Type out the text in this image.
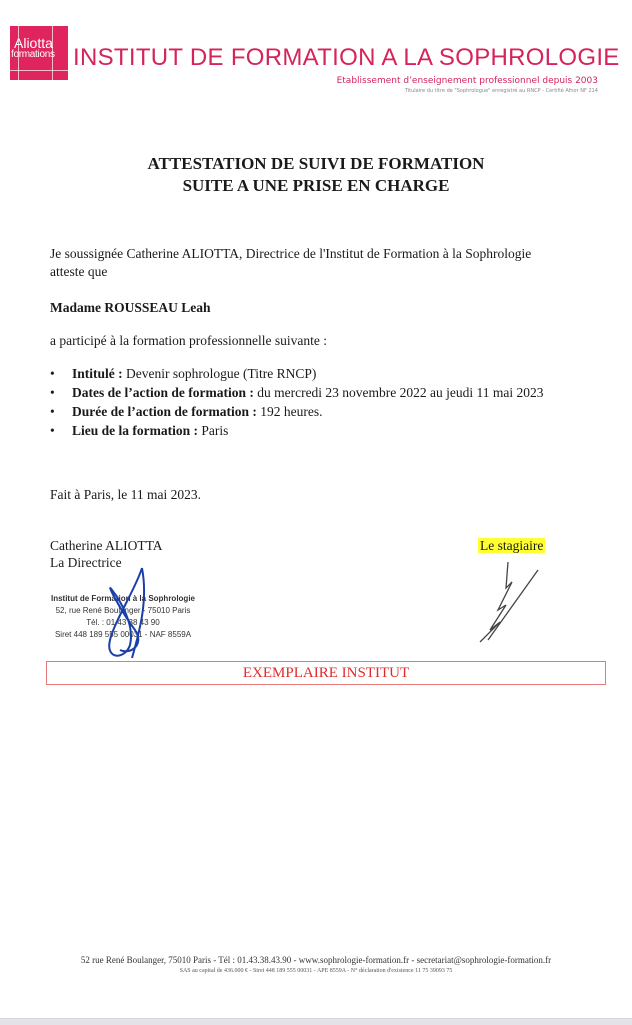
Aliotta
formations INSTITUT DE FORMATION A LA SOPHROLOGIE
Etablissement d’enseignement professionnel depuis 2003
Titulaire du titre de "Sophrologue" enregistré au RNCP - Certifié Afnor NF 214
ATTESTATION DE SUIVI DE FORMATION
SUITE A UNE PRISE EN CHARGE
Je soussignée Catherine ALIOTTA, Directrice de l'Institut de Formation à la Sophrologie
atteste que
Madame ROUSSEAU Leah
a participé à la formation professionnelle suivante :
• Intitulé : Devenir sophrologue (Titre RNCP)
• Dates de l’action de formation : du mercredi 23 novembre 2022 au jeudi 11 mai 2023
• Durée de l’action de formation : 192 heures.
• Lieu de la formation : Paris
Fait à Paris, le 11 mai 2023.
Catherine ALIOTTA
La Directrice
Le stagiaire
Institut de Formation à la Sophrologie
52, rue René Boulanger - 75010 Paris
Tél. : 01 43 38 43 90
Siret 448 189 555 00031 - NAF 8559A
EXEMPLAIRE INSTITUT
52 rue René Boulanger, 75010 Paris - Tél : 01.43.38.43.90 - www.sophrologie-formation.fr - secretariat@sophrologie-formation.fr
SAS au capital de 436.000 € - Siret 448 189 555 00031 - APE 8559A - N° déclaration d'existence 11 75 39093 75
